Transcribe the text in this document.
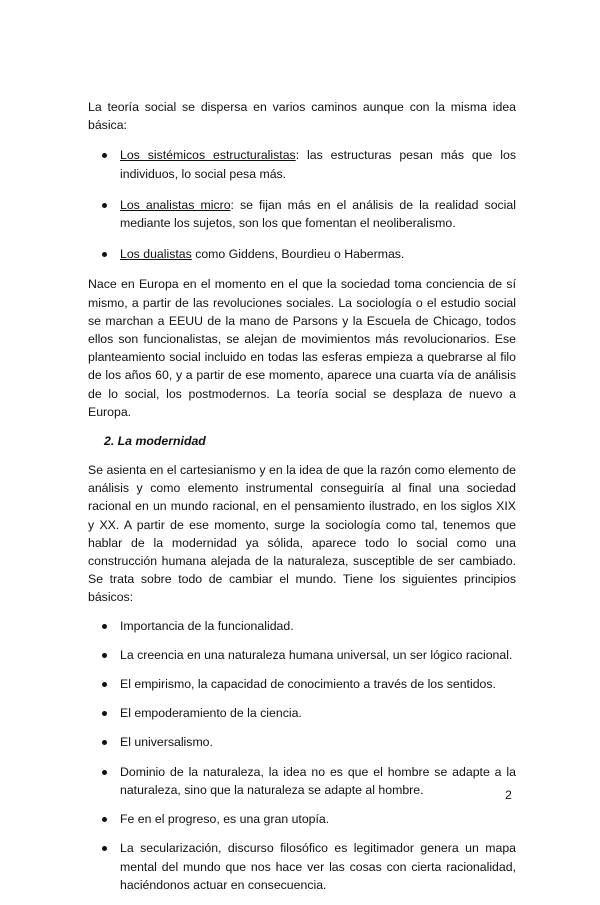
La teoría social se dispersa en varios caminos aunque con la misma idea básica:

Los sistémicos estructuralistas: las estructuras pesan más que los individuos, lo social pesa más.
Los analistas micro: se fijan más en el análisis de la realidad social mediante los sujetos, son los que fomentan el neoliberalismo.
Los dualistas como Giddens, Bourdieu o Habermas.

Nace en Europa en el momento en el que la sociedad toma conciencia de sí mismo, a partir de las revoluciones sociales. La sociología o el estudio social se marchan a EEUU de la mano de Parsons y la Escuela de Chicago, todos ellos son funcionalistas, se alejan de movimientos más revolucionarios. Ese planteamiento social incluido en todas las esferas empieza a quebrarse al filo de los años 60, y a partir de ese momento, aparece una cuarta vía de análisis de lo social, los postmodernos. La teoría social se desplaza de nuevo a Europa.

2. La modernidad

Se asienta en el cartesianismo y en la idea de que la razón como elemento de análisis y como elemento instrumental conseguiría al final una sociedad racional en un mundo racional, en el pensamiento ilustrado, en los siglos XIX y XX. A partir de ese momento, surge la sociología como tal, tenemos que hablar de la modernidad ya sólida, aparece todo lo social como una construcción humana alejada de la naturaleza, susceptible de ser cambiado. Se trata sobre todo de cambiar el mundo. Tiene los siguientes principios básicos:

Importancia de la funcionalidad.
La creencia en una naturaleza humana universal, un ser lógico racional.
El empirismo, la capacidad de conocimiento a través de los sentidos.
El empoderamiento de la ciencia.
El universalismo.
Dominio de la naturaleza, la idea no es que el hombre se adapte a la naturaleza, sino que la naturaleza se adapte al hombre.
Fe en el progreso, es una gran utopía.
La secularización, discurso filosófico es legitimador genera un mapa mental del mundo que nos hace ver las cosas con cierta racionalidad, haciéndonos actuar en consecuencia.
2
